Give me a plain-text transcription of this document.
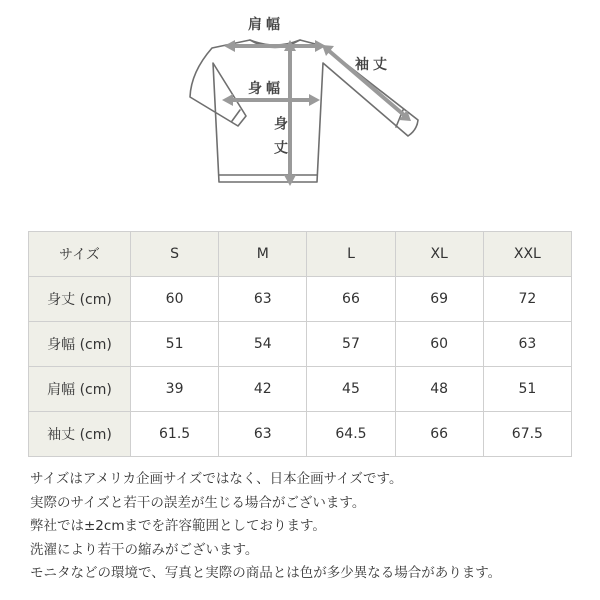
肩幅
身幅
袖丈
身丈
サイズ	S	M	L	XL	XXL
身丈 (cm)	60	63	66	69	72
身幅 (cm)	51	54	57	60	63
肩幅 (cm)	39	42	45	48	51
袖丈 (cm)	61.5	63	64.5	66	67.5

サイズはアメリカ企画サイズではなく、日本企画サイズです。

実際のサイズと若干の誤差が生じる場合がございます。

弊社では±2cmまでを許容範囲としております。

洗濯により若干の縮みがございます。

モニタなどの環境で、写真と実際の商品とは色が多少異なる場合があります。
